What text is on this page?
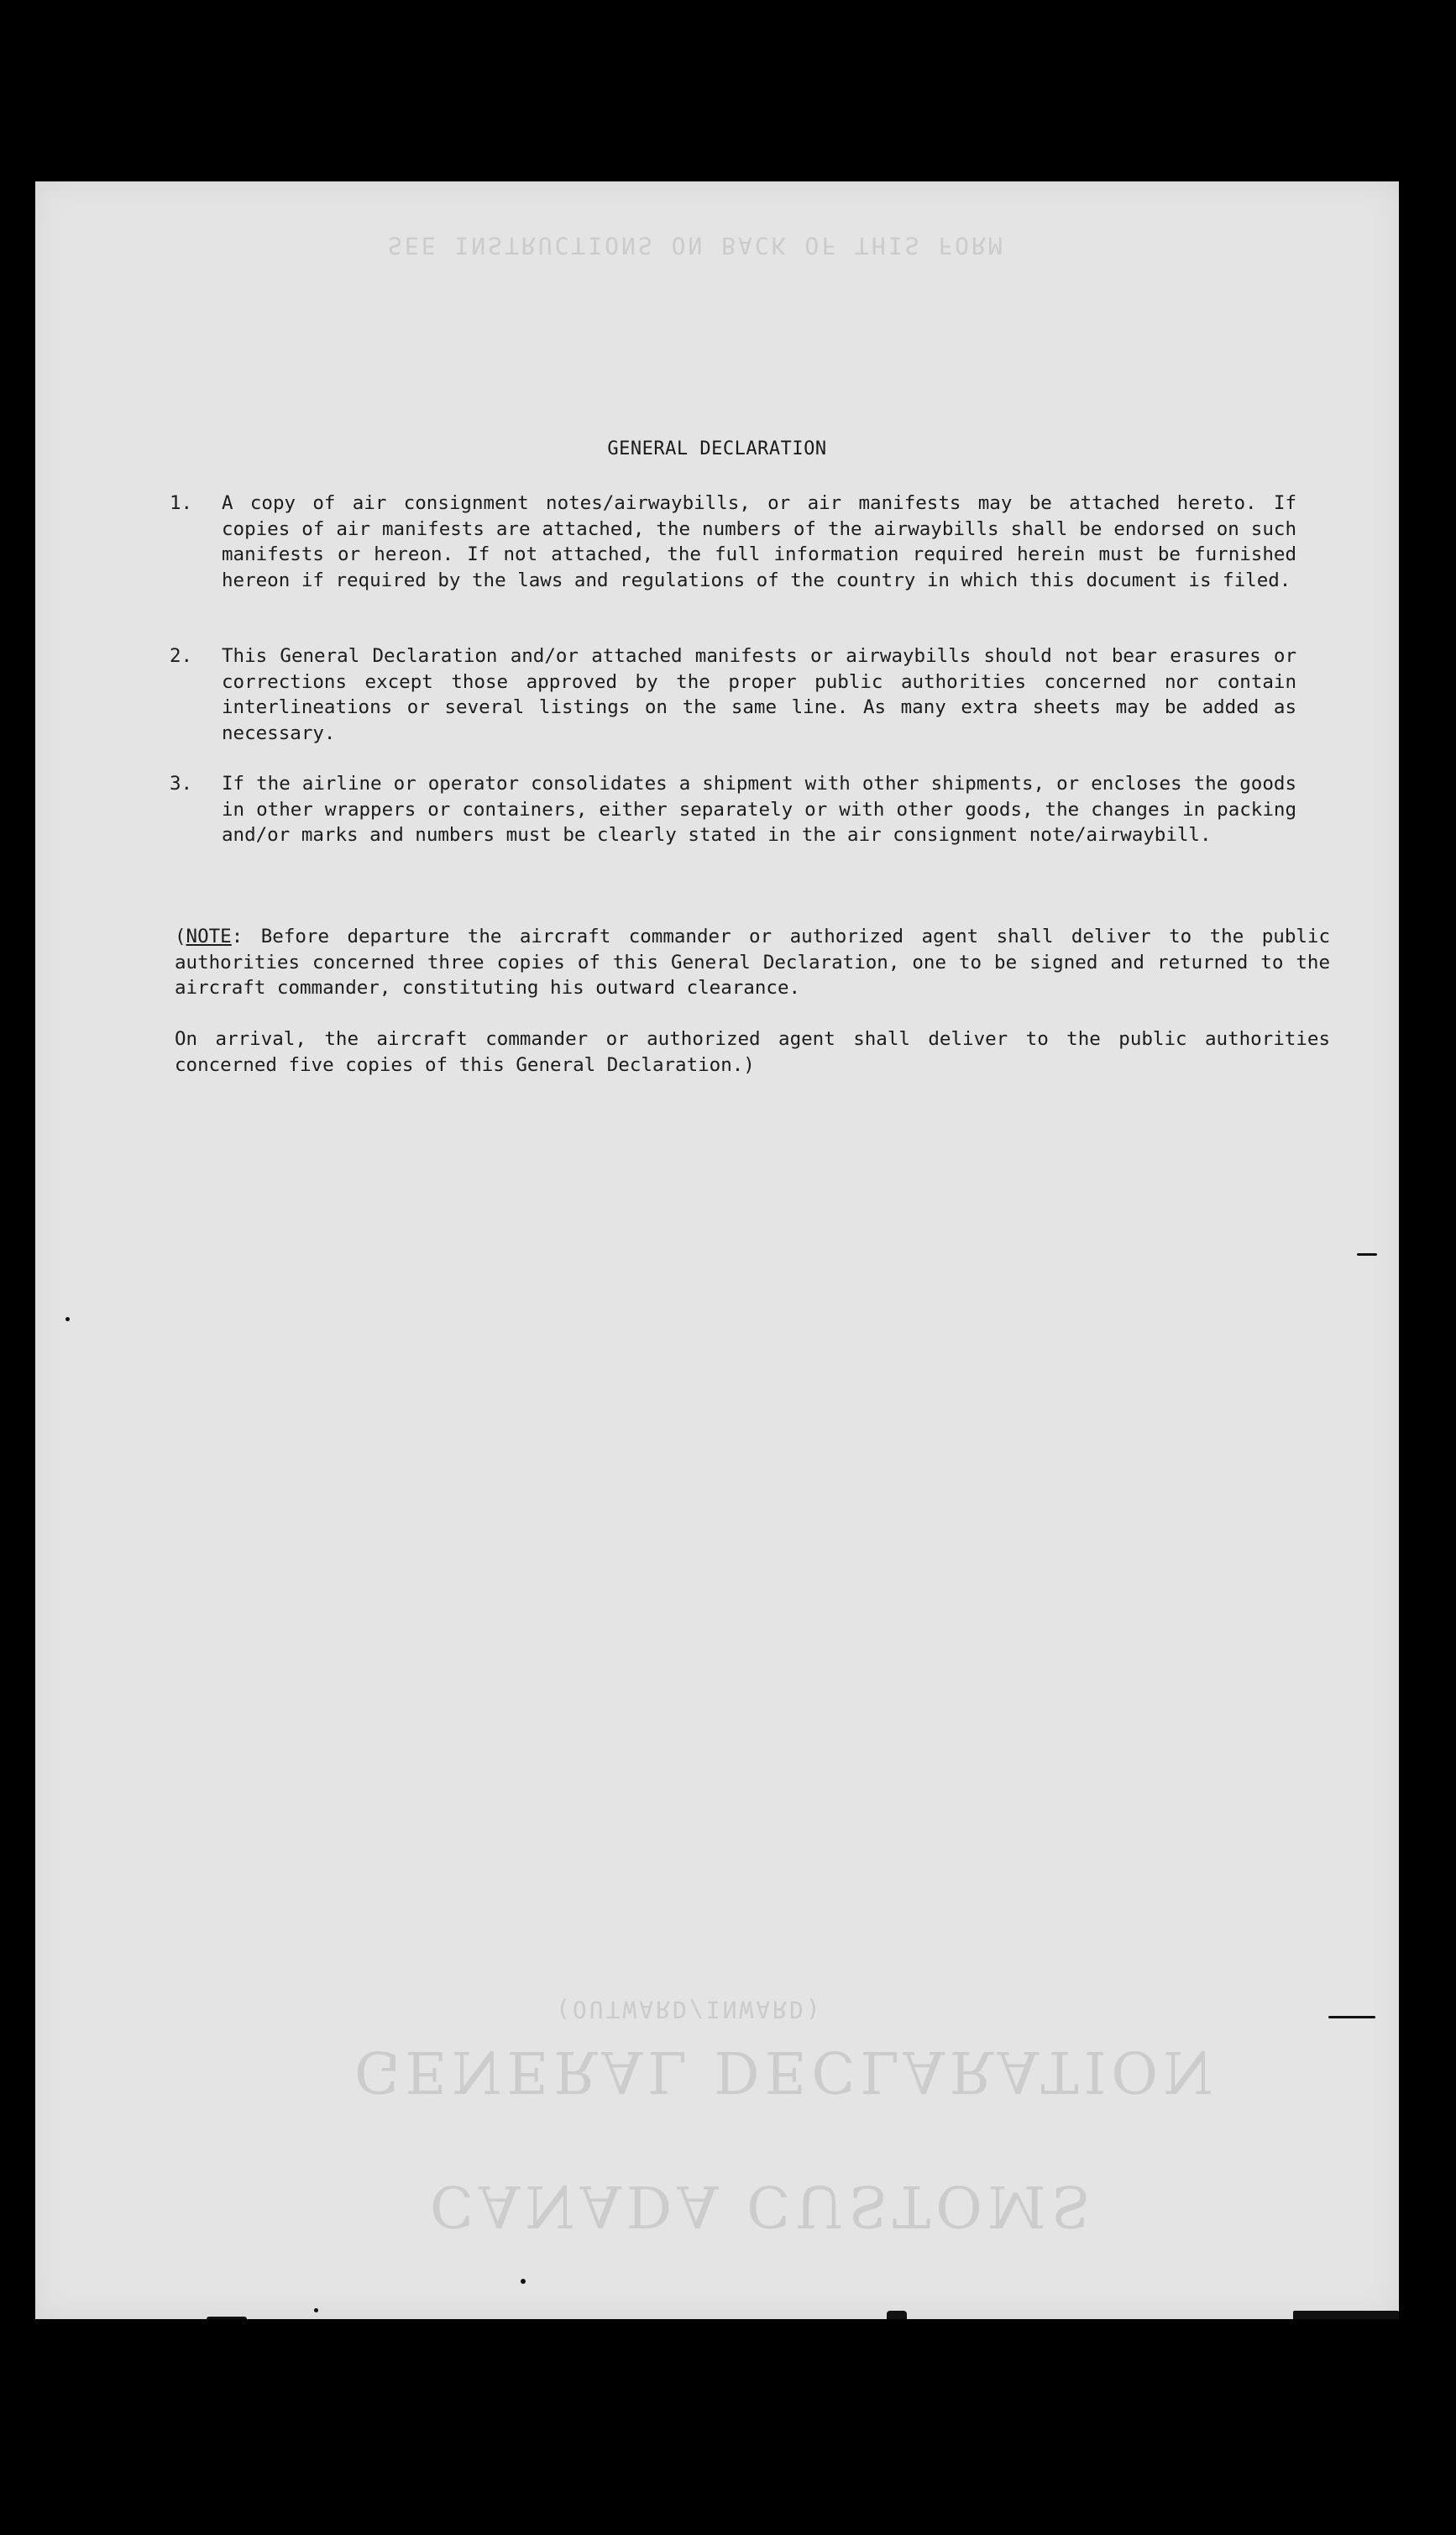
SEE INSTRUCTIONS ON BACK OF THIS FORM
(OUTWARD/INWARD)
GENERAL DECLARATION
CANADA CUSTOMS
GENERAL DECLARATION
1. A copy of air consignment notes/airwaybills, or air manifests may be attached hereto. If copies of air manifests are attached, the numbers of the airwaybills shall be endorsed on such manifests or hereon. If not attached, the full information required herein must be furnished hereon if required by the laws and regulations of the country in which this document is filed.
2. This General Declaration and/or attached manifests or airwaybills should not bear erasures or corrections except those approved by the proper public authorities concerned nor contain interlineations or several listings on the same line. As many extra sheets may be added as necessary.
3. If the airline or operator consolidates a shipment with other shipments, or encloses the goods in other wrappers or containers, either separately or with other goods, the changes in packing and/or marks and numbers must be clearly stated in the air consignment note/airwaybill.
(NOTE: Before departure the aircraft commander or authorized agent shall deliver to the public authorities concerned three copies of this General Declaration, one to be signed and returned to the aircraft commander, constituting his outward clearance.
On arrival, the aircraft commander or authorized agent shall deliver to the public authorities concerned five copies of this General Declaration.)
